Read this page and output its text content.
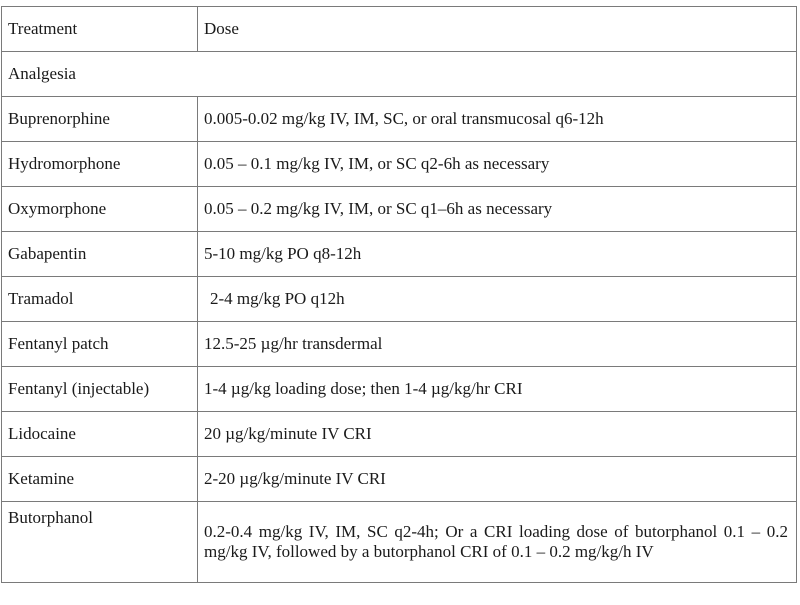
Treatment	Dose
Analgesia	
Buprenorphine	0.005-0.02 mg/kg IV, IM, SC, or oral transmucosal q6-12h
Hydromorphone	0.05 – 0.1 mg/kg IV, IM, or SC q2-6h as necessary
Oxymorphone	0.05 – 0.2 mg/kg IV, IM, or SC q1–6h as necessary
Gabapentin	5-10 mg/kg PO q8-12h
Tramadol	2-4 mg/kg PO q12h
Fentanyl patch	12.5-25 µg/hr transdermal
Fentanyl (injectable)	1-4 µg/kg loading dose; then 1-4 µg/kg/hr CRI
Lidocaine	20 µg/kg/minute IV CRI
Ketamine	2-20 µg/kg/minute IV CRI
Butorphanol	0.2-0.4 mg/kg IV, IM, SC q2-4h; Or a CRI loading dose of butorphanol 0.1 – 0.2 mg/kg IV, followed by a butorphanol CRI of 0.1 – 0.2 mg/kg/h IV
